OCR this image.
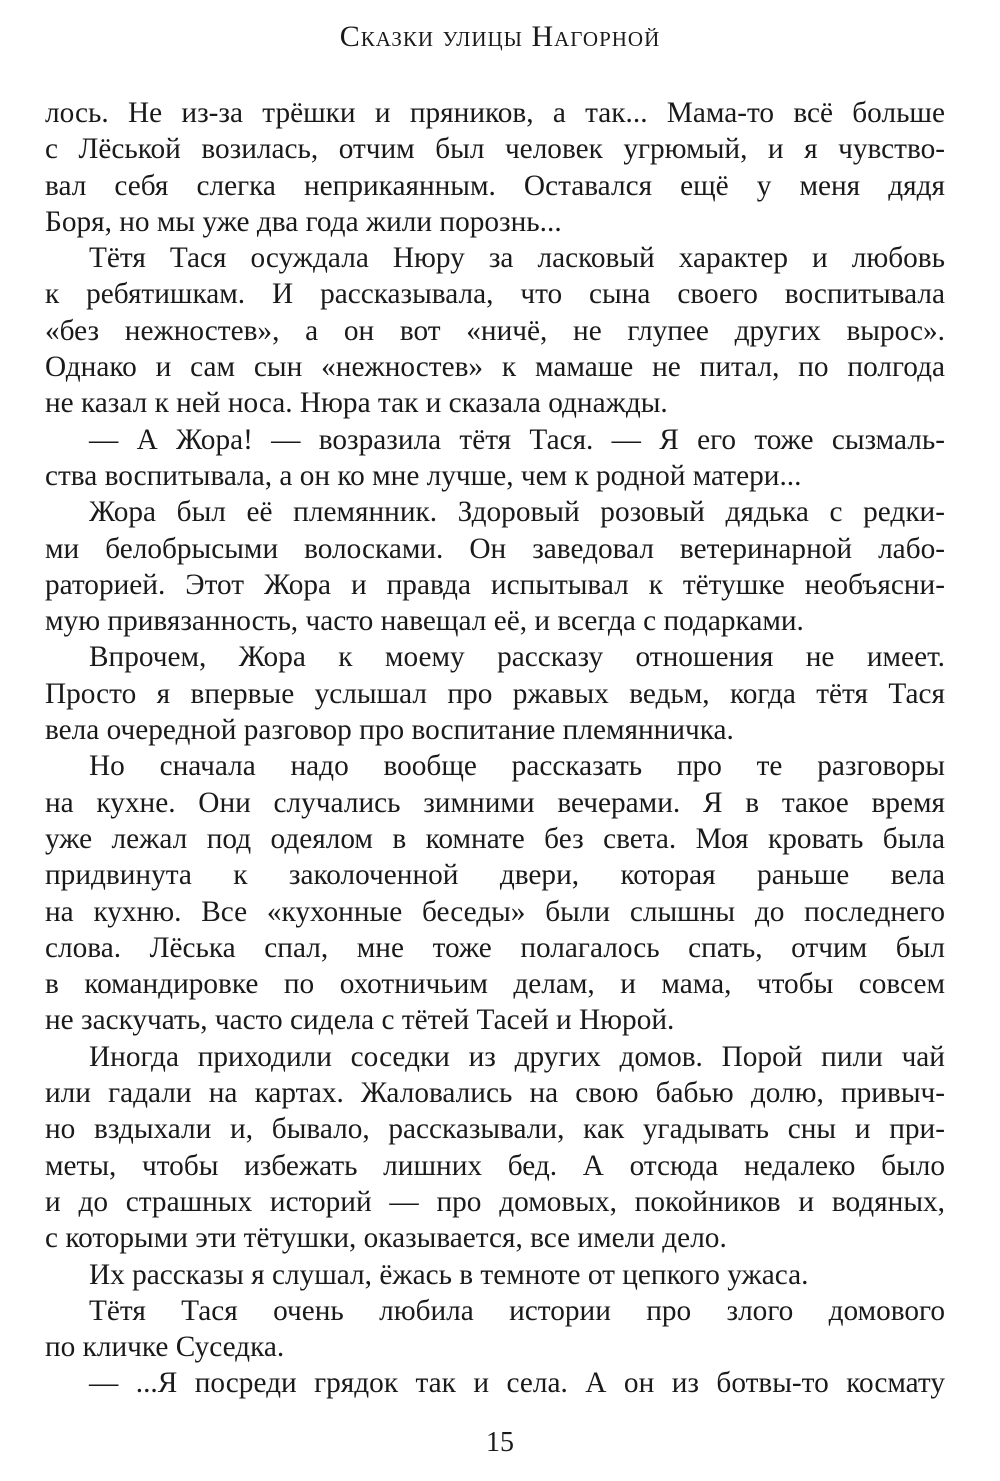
Сказки улицы Нагорной
лось. Не из-за трёшки и пряников, а так... Мама-то всё больше
с Лёськой возилась, отчим был человек угрюмый, и я чувство-
вал себя слегка неприкаянным. Оставался ещё у меня дядя
Боря, но мы уже два года жили порознь...
Тётя Тася осуждала Нюру за ласковый характер и любовь
к ребятишкам. И рассказывала, что сына своего воспитывала
«без нежностев», а он вот «ничё, не глупее других вырос».
Однако и сам сын «нежностев» к мамаше не питал, по полгода
не казал к ней носа. Нюра так и сказала однажды.
— А Жора! — возразила тётя Тася. — Я его тоже сызмаль-
ства воспитывала, а он ко мне лучше, чем к родной матери...
Жора был её племянник. Здоровый розовый дядька с редки-
ми белобрысыми волосками. Он заведовал ветеринарной лабо-
раторией. Этот Жора и правда испытывал к тётушке необъясни-
мую привязанность, часто навещал её, и всегда с подарками.
Впрочем, Жора к моему рассказу отношения не имеет.
Просто я впервые услышал про ржавых ведьм, когда тётя Тася
вела очередной разговор про воспитание племянничка.
Но сначала надо вообще рассказать про те разговоры
на кухне. Они случались зимними вечерами. Я в такое время
уже лежал под одеялом в комнате без света. Моя кровать была
придвинута к заколоченной двери, которая раньше вела
на кухню. Все «кухонные беседы» были слышны до последнего
слова. Лёська спал, мне тоже полагалось спать, отчим был
в командировке по охотничьим делам, и мама, чтобы совсем
не заскучать, часто сидела с тётей Тасей и Нюрой.
Иногда приходили соседки из других домов. Порой пили чай
или гадали на картах. Жаловались на свою бабью долю, привыч-
но вздыхали и, бывало, рассказывали, как угадывать сны и при-
меты, чтобы избежать лишних бед. А отсюда недалеко было
и до страшных историй — про домовых, покойников и водяных,
с которыми эти тётушки, оказывается, все имели дело.
Их рассказы я слушал, ёжась в темноте от цепкого ужаса.
Тётя Тася очень любила истории про злого домового
по кличке Суседка.
— ...Я посреди грядок так и села. А он из ботвы-то космату
15
